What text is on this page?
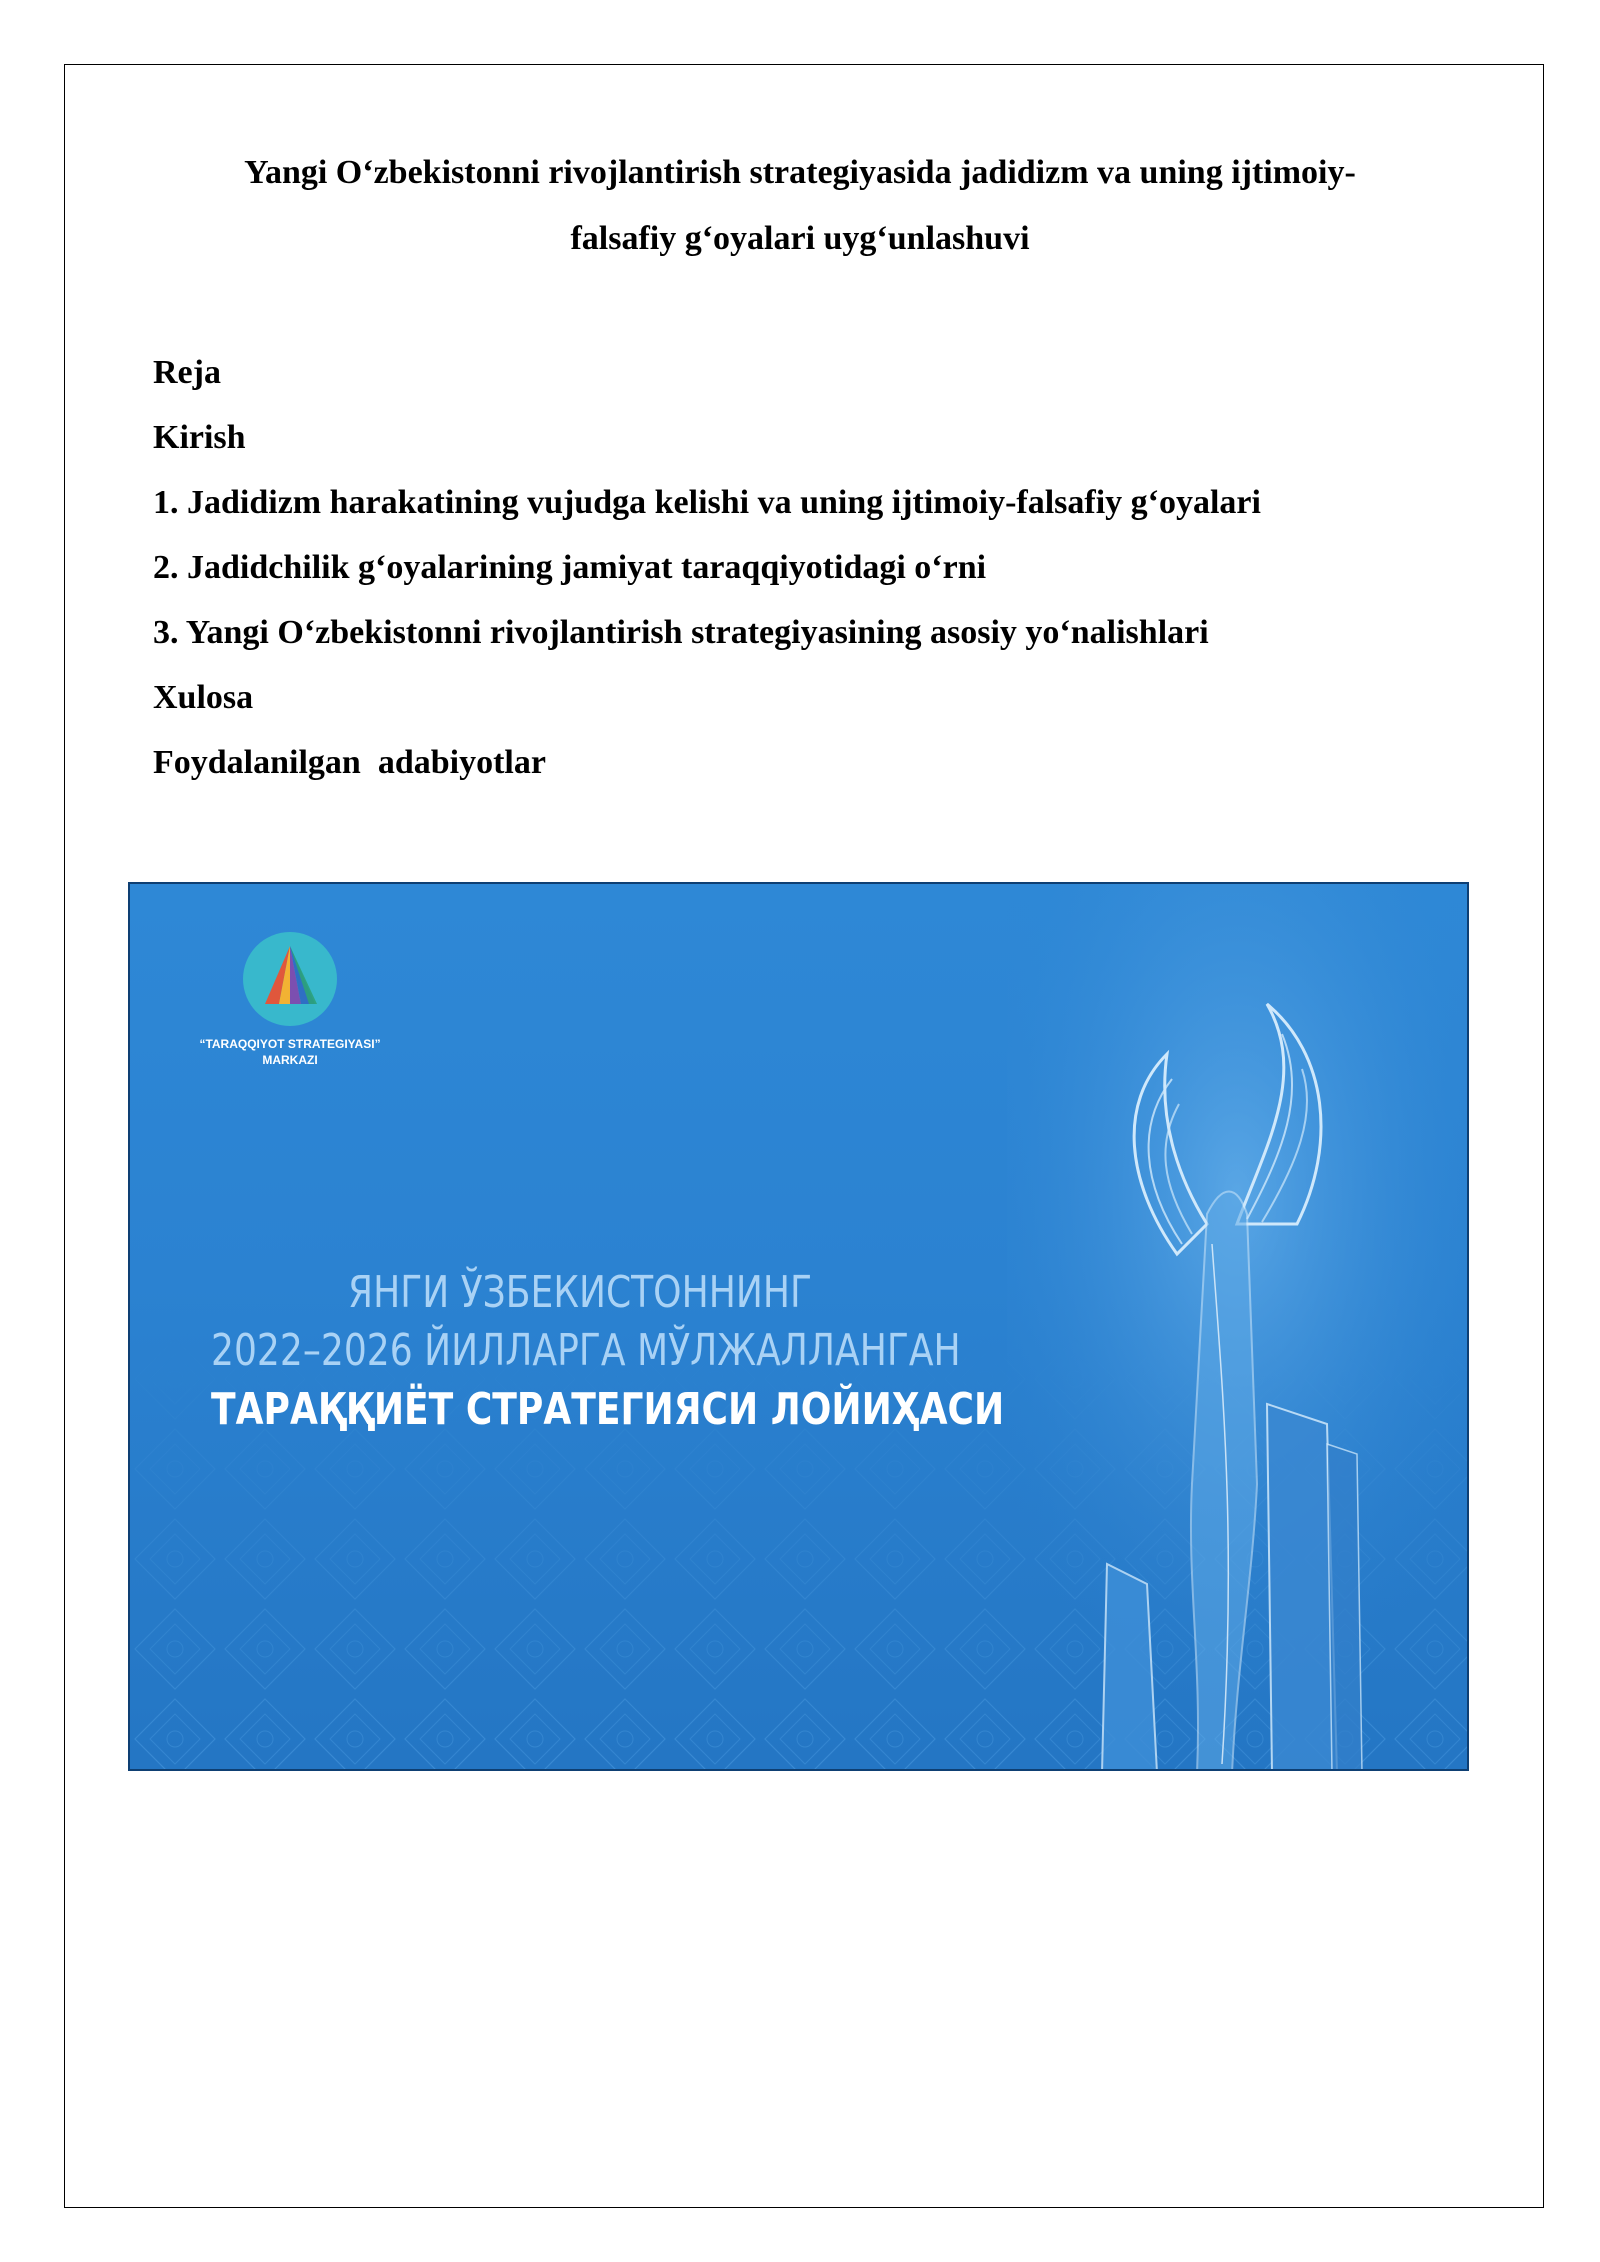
Yangi O‘zbekistonni rivojlantirish strategiyasida jadidizm va uning ijtimoiy-
falsafiy g‘oyalari uyg‘unlashuvi
Reja
Kirish
1. Jadidizm harakatining vujudga kelishi va uning ijtimoiy-falsafiy g‘oyalari
2. Jadidchilik g‘oyalarining jamiyat taraqqiyotidagi o‘rni
3. Yangi O‘zbekistonni rivojlantirish strategiyasining asosiy yo‘nalishlari
Xulosa
Foydalanilgan  adabiyotlar
“TARAQQIYOT STRATEGIYASI”
MARKAZI
ЯНГИ ЎЗБЕКИСТОННИНГ
2022–2026 ЙИЛЛАРГА МЎЛЖАЛЛАНГАН
ТАРАҚҚИЁТ СТРАТЕГИЯСИ ЛОЙИҲАСИ
